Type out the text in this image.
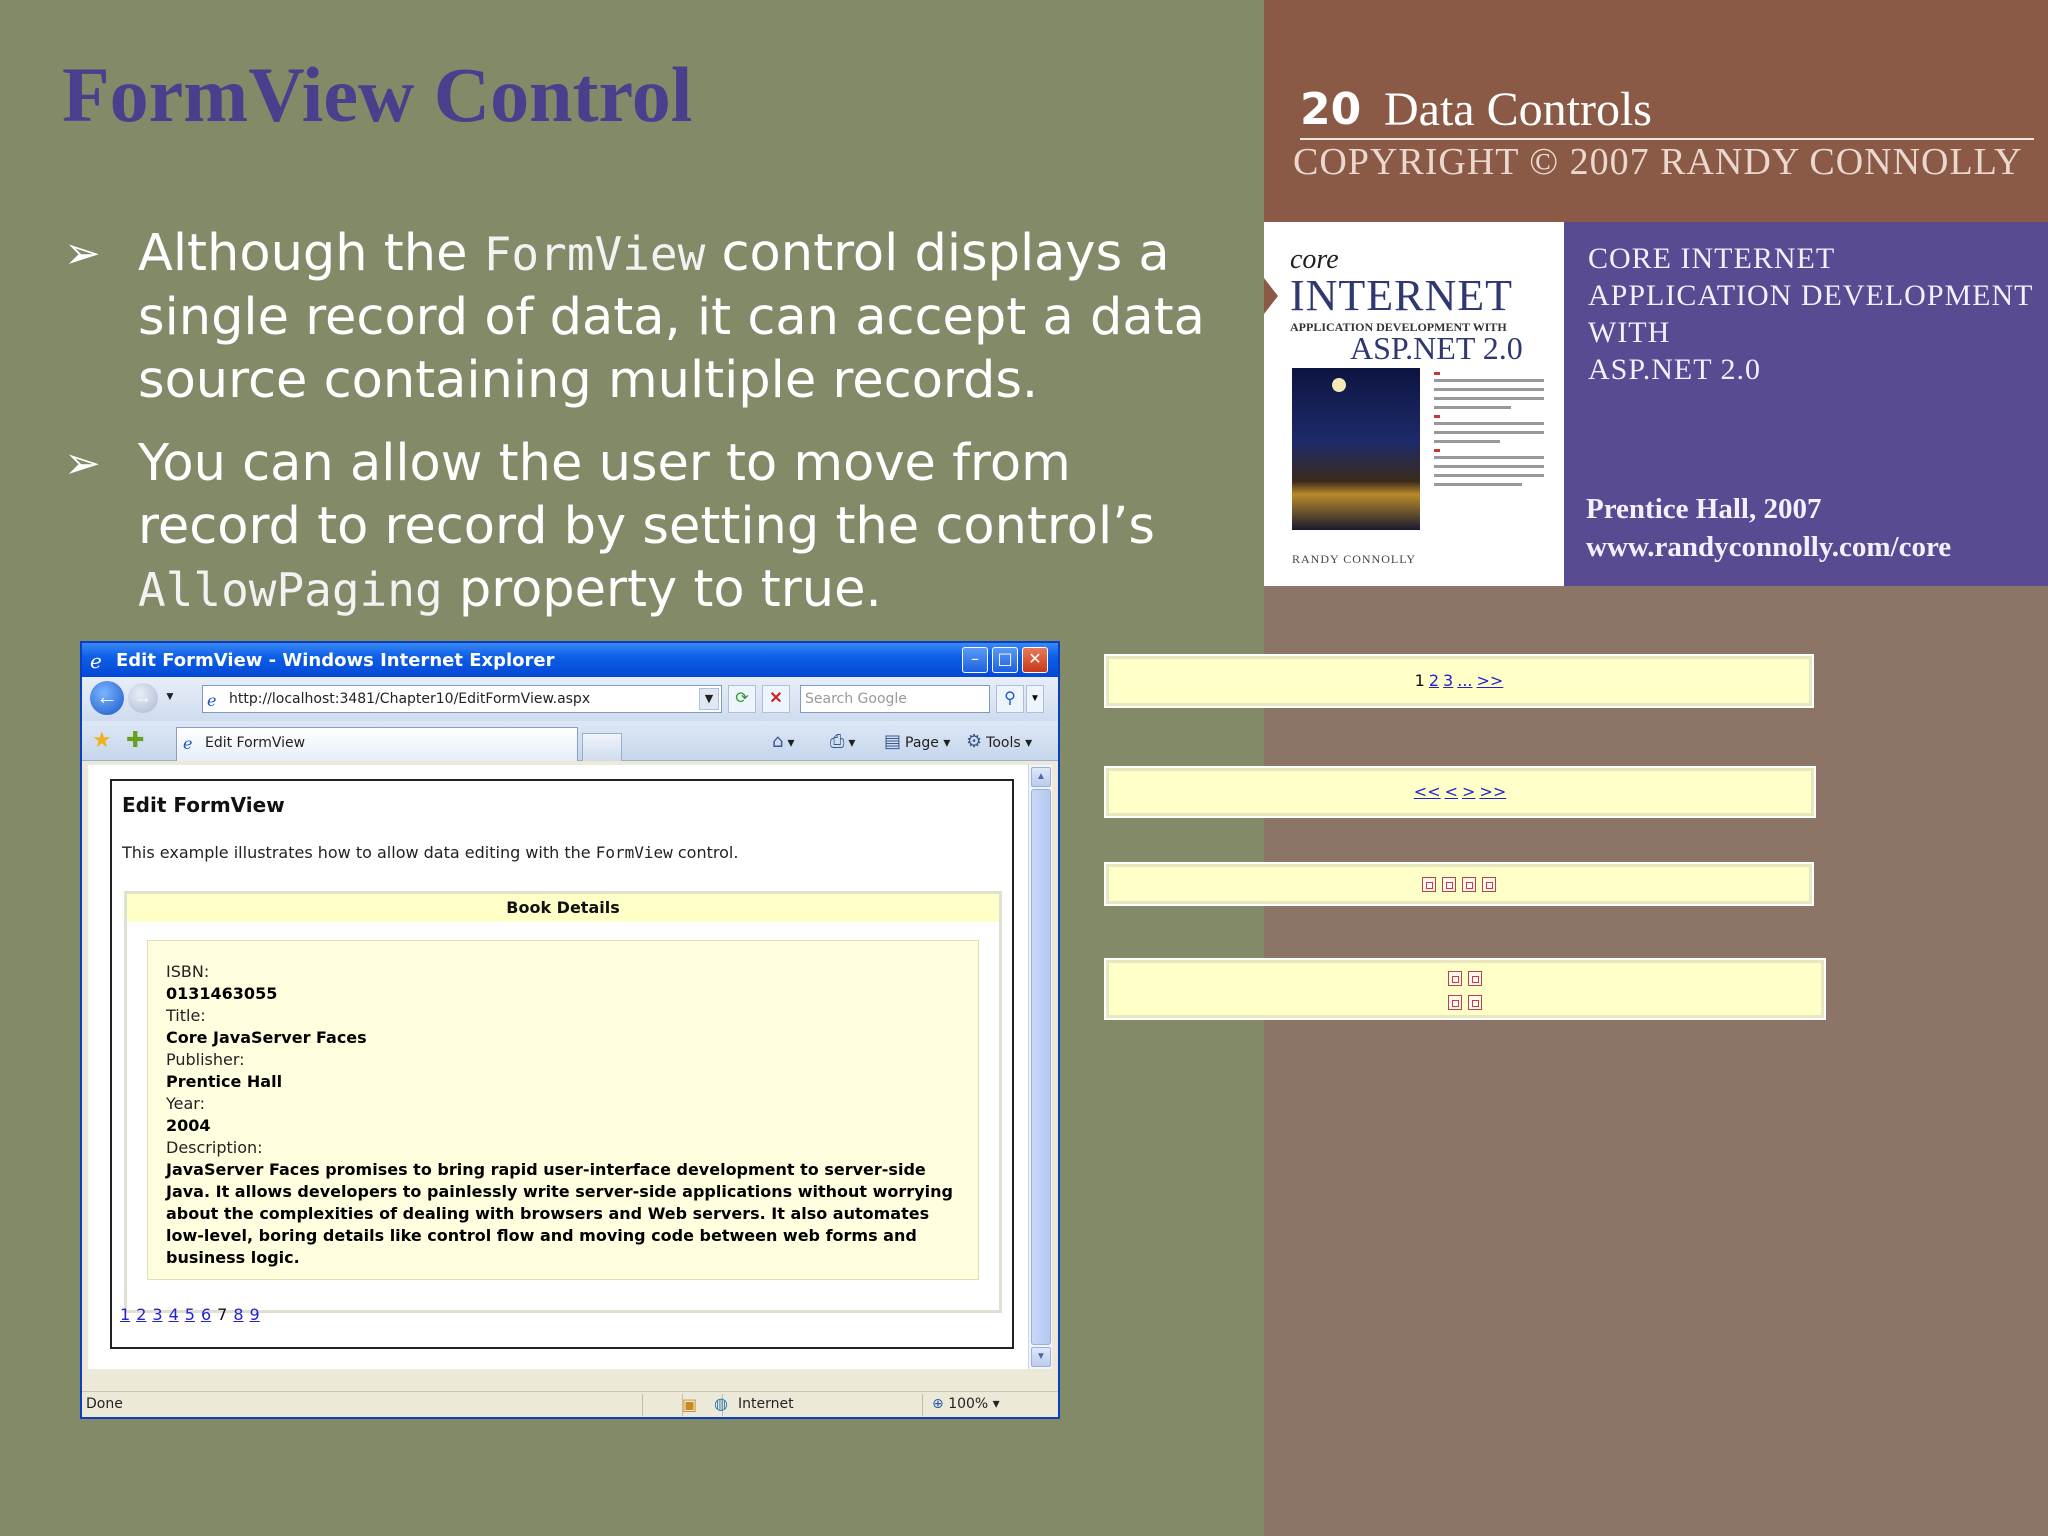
FormView Control
➢ Although the FormView control displays a single record of data, it can accept a data source containing multiple records.
➢ You can allow the user to move from record to record by setting the control’s AllowPaging property to true.
20 Data Controls
COPYRIGHT © 2007 RANDY CONNOLLY
core
INTERNET
APPLICATION DEVELOPMENT WITH
ASP.NET 2.0
RANDY CONNOLLY
CORE INTERNET
APPLICATION DEVELOPMENT
WITH
ASP.NET 2.0
Prentice Hall, 2007
www.randyconnolly.com/core
1 2 3 ... >>
<< < > >>
e Edit FormView - Windows Internet Explorer	–	□ ✕
← →	▼ e http://localhost:3481/Chapter10/EditFormView.aspx	▼	⟳	✕	Search Google	⚲	▼
★ ✚ e Edit FormView	⌂ ▾ ⎙ ▾ ▤ Page ▾ ⚙ Tools ▾
Edit FormView
This example illustrates how to allow data editing with the FormView control.
Book Details
ISBN:
0131463055
Title:
Core JavaServer Faces
Publisher:
Prentice Hall
Year:
2004
Description:
JavaServer Faces promises to bring rapid user-interface development to server-side Java. It allows developers to painlessly write server-side applications without worrying about the complexities of dealing with browsers and Web servers. It also automates low-level, boring details like control flow and moving code between web forms and business logic.
1 2 3 4 5 6 7 8 9
▲
▼
Done	▣ ◍ Internet	⊕ 100% ▾
